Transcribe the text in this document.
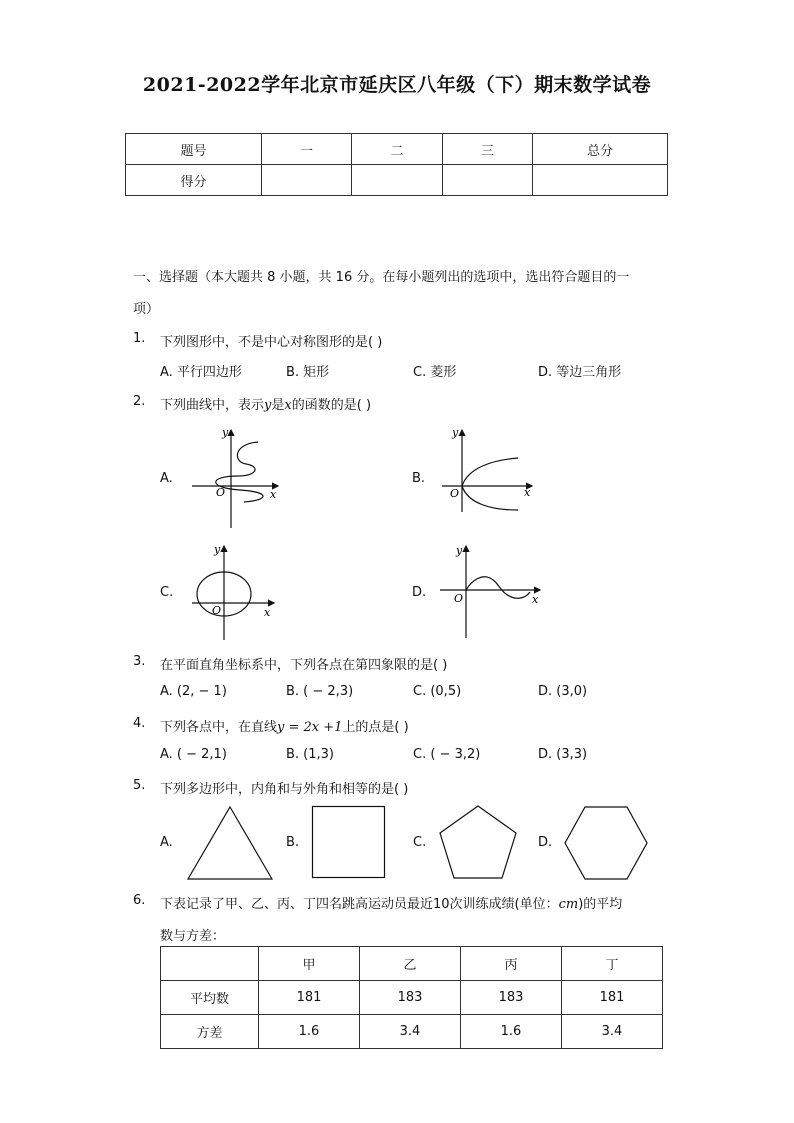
2021-2022学年北京市延庆区八年级（下）期末数学试卷
题号	一	二	三	总分
得分				
一、选择题（本大题共 8 小题，共 16 分。在每小题列出的选项中，选出符合题目的一
项）
1. 下列图形中，不是中心对称图形的是( )
A. 平行四边形	B. 矩形	C. 菱形	D. 等边三角形
2. 下列曲线中，表示y是x的函数的是( )
A.	B.
C.	D.
O	x
y
O	x
y
O	x
y
O	x
y
3. 在平面直角坐标系中，下列各点在第四象限的是( )
A. (2, − 1)	B. ( − 2,3)	C. (0,5)	D. (3,0)
4. 下列各点中，在直线y = 2x +1上的点是( )
A. ( − 2,1)	B. (1,3)	C. ( − 3,2)	D. (3,3)
5. 下列多边形中，内角和与外角和相等的是( )
A.	B.	C.	D.
6. 下表记录了甲、乙、丙、丁四名跳高运动员最近10次训练成绩(单位：cm)的平均
数与方差：
	甲	乙	丙	丁
平均数	181	183	183	181
方差	1.6	3.4	1.6	3.4
